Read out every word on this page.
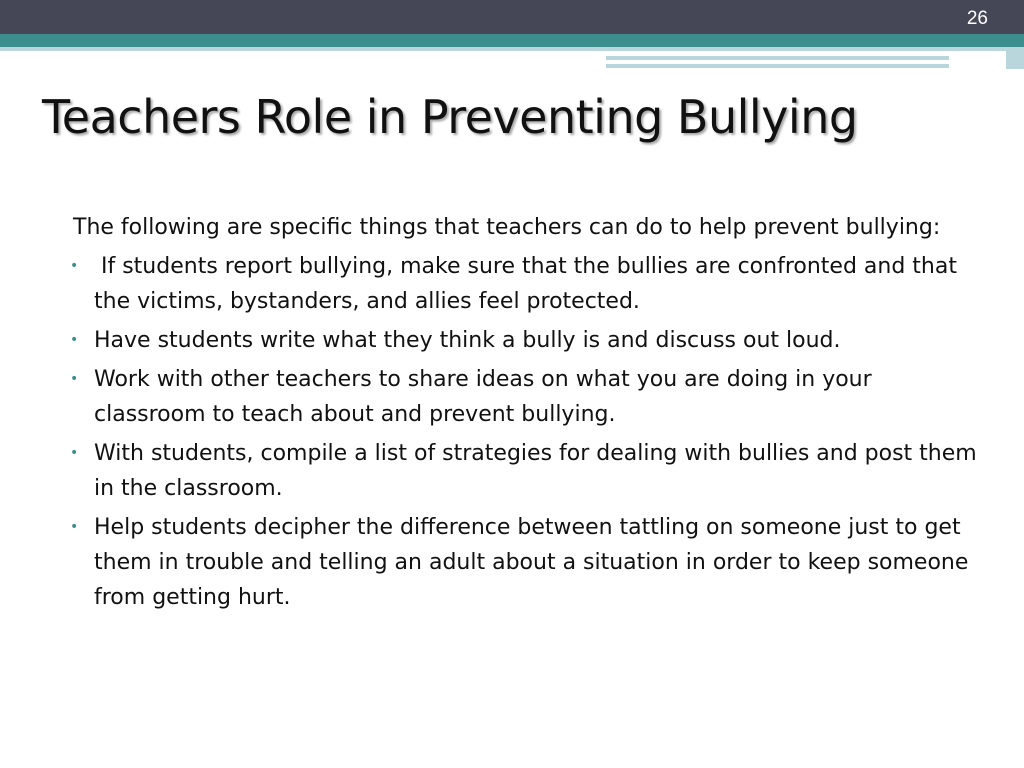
26
Teachers Role in Preventing Bullying

The following are specific things that teachers can do to help prevent bullying:

• If students report bullying, make sure that the bullies are confronted and that the victims, bystanders, and allies feel protected.
• Have students write what they think a bully is and discuss out loud.
• Work with other teachers to share ideas on what you are doing in your classroom to teach about and prevent bullying.
• With students, compile a list of strategies for dealing with bullies and post them in the classroom.
• Help students decipher the difference between tattling on someone just to get them in trouble and telling an adult about a situation in order to keep someone from getting hurt.
